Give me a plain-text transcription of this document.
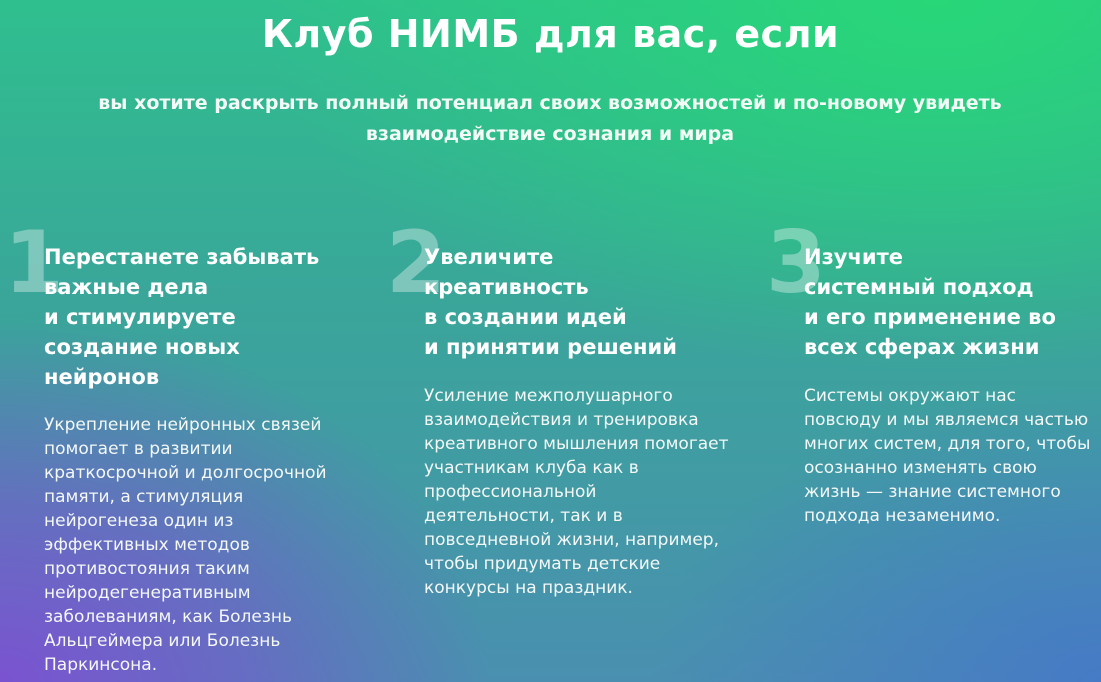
Клуб НИМБ для вас, если

вы хотите раскрыть полный потенциал своих возможностей и по-новому увидеть взаимодействие сознания и мира

1
Перестанете забывать
важные дела
и стимулируете
создание новых
нейронов

Укрепление нейронных связей помогает в развитии краткосрочной и долгосрочной памяти, а стимуляция нейрогенеза один из эффективных методов противостояния таким нейродегенеративным заболеваниям, как Болезнь Альцгеймера или Болезнь Паркинсона.

2
Увеличите
креативность
в создании идей
и принятии решений

Усиление межполушарного взаимодействия и тренировка креативного мышления помогает участникам клуба как в профессиональной деятельности, так и в повседневной жизни, например, чтобы придумать детские конкурсы на праздник.

3
Изучите
системный подход
и его применение во
всех сферах жизни

Системы окружают нас повсюду и мы являемся частью многих систем, для того, чтобы осознанно изменять свою жизнь — знание системного подхода незаменимо.
